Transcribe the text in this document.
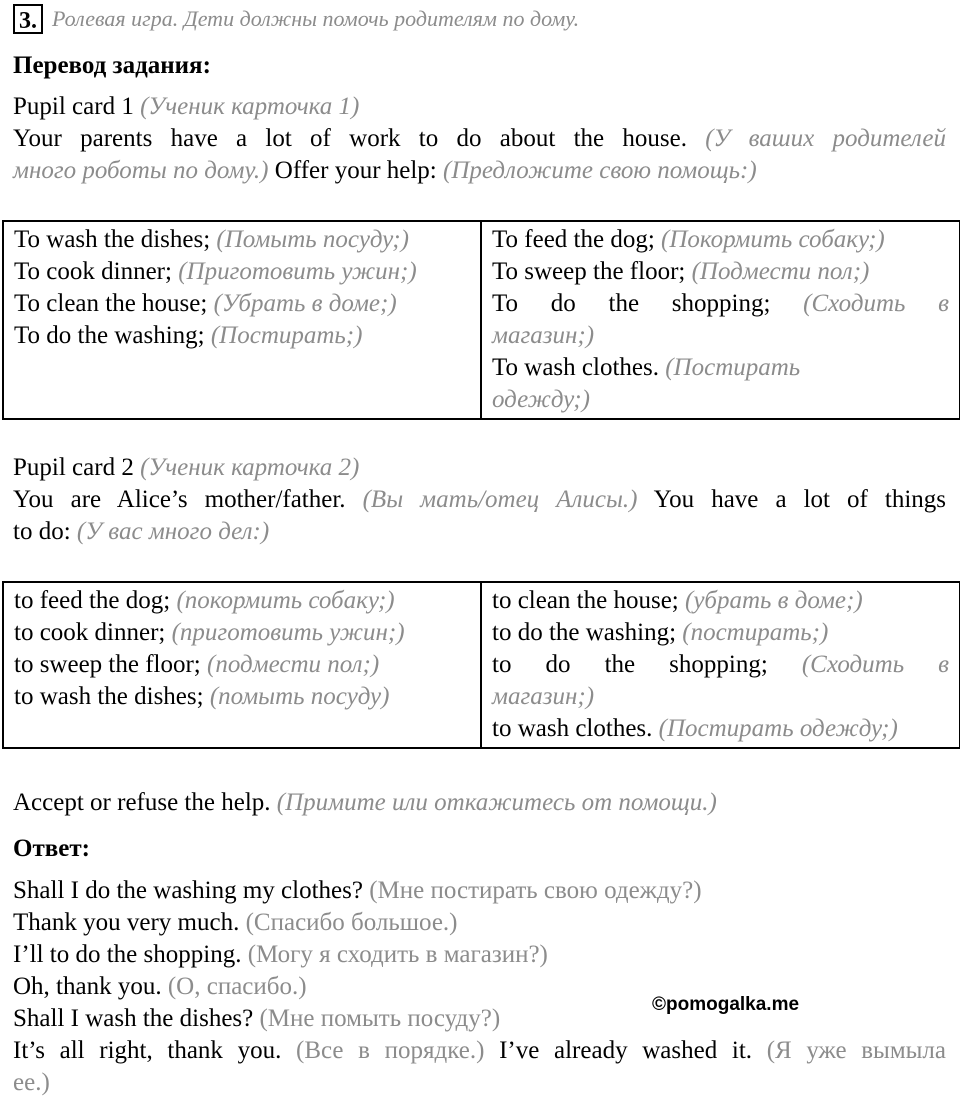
3. Ролевая игра. Дети должны помочь родителям по дому.
Перевод задания:
Pupil card 1 (Ученик карточка 1)
Your parents have a lot of work to do about the house. (У ваших родителей
много роботы по дому.) Offer your help: (Предложите свою помощь:)
To wash the dishes; (Помыть посуду;)
To cook dinner; (Приготовить ужин;)
To clean the house; (Убрать в доме;)
To do the washing; (Постирать;)

To feed the dog; (Покормить собаку;)
To sweep the floor; (Подмести пол;)
To do the shopping; (Сходить в
магазин;)
To wash clothes. (Постирать
одежду;)
Pupil card 2 (Ученик карточка 2)
You are Alice’s mother/father. (Вы мать/отец Алисы.) You have a lot of things
to do: (У вас много дел:)
to feed the dog; (покормить собаку;)
to cook dinner; (приготовить ужин;)
to sweep the floor; (подмести пол;)
to wash the dishes; (помыть посуду)

to clean the house; (убрать в доме;)
to do the washing; (постирать;)
to do the shopping; (Сходить в
магазин;)
to wash clothes. (Постирать одежду;)
Accept or refuse the help. (Примите или откажитесь от помощи.)
Ответ:
Shall I do the washing my clothes? (Мне постирать свою одежду?)
Thank you very much. (Спасибо большое.)
I’ll to do the shopping. (Могу я сходить в магазин?)
Oh, thank you. (О, спасибо.)
Shall I wash the dishes? (Мне помыть посуду?)
It’s all right, thank you. (Все в порядке.) I’ve already washed it. (Я уже вымыла
ее.)
©pomogalka.me
